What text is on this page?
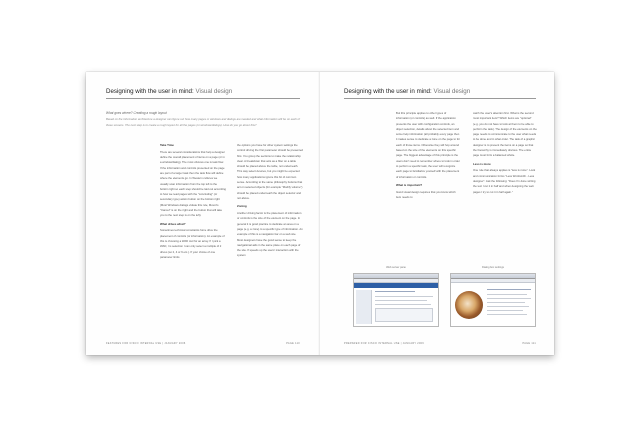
Designing with the user in mind: Visual design
What goes where? Creating a rough layout
Based on the information architecture a designer can figure out how many pages or windows and dialogs are needed and what information will be on each of these screens. The next step is to create a rough layout for all the pages (or windows/dialogs). How do you go about this?
Take Time

There are several considerations that help a designer define the overall placement of items on a page (or in a window/dialog). The most obvious one is task flow. If the information and controls presented on the page are part of a larger task then the task flow will define where the elements go. In Western cultures we usually scan information from the top left to the bottom right so each step should be laid out according to how we read pages with the "concluding" (or secondary type) action button on the bottom right (Most Windows dialogs violate this rule, Mount's "Cancel" is on the right and the button that will take you to the next step is on the left).

What drives what?

Sometimes technical constraints force drive the placement of controls (or information). An example of this is choosing a WAD tool for an array. If I pick a WAD, I is selection I can only select a multiple of 2 drives (so 2, 4 or 6 etc.). If your choice of one parameter limits

the options you have for other system settings the control driving the first parameter should be presented first. You group the sections to make the relationship clear. A breakdown that acts as a filter on a table should be placed above the table, not underneath. This way select devices, but you might be expected how many applications ignore this bit of common sense. According to the same philosophy buttons that act on selected objects (for example "Modify volume") should be placed underneath the object selector and not above.

Zoning

Another driving factor is the placement of information or controls is the size of the element on the page. In general it is good practice to dedicate an area on a page (e.g. a zone) to a specific type of information. An example of this is a navigation bar on a web site. Most designers have the good sense to keep the navigational aids in the same place on each page of the site. If speeds up the users' interaction with the system

FEATURES FOR CISCO INTERNAL USE | JANUARY 2006	PAGE 110
Designing with the user in mind: Visual design

But this principle applies to other types of information (or controls) as well. If the application presents the user with configuration controls, an object selection, details about the selected item and some help information (all probably every page then it makes sense to dedicate a zone on the page to for each of those items. Otherwise they will hop around based on the size of the elements on this specific page. The biggest advantage of this principle is the users don't need to remember where to look in order to perform a specific task, the user will recognize each page to familiarize yourself with the placement of information or controls.

What is important?

Good visual design requires that you know which item needs to

catch the user's attention first. What is the second most important item? Which items are "optional" (e.g. you do not have to look at them to be able to perform the task). The design of the elements on the page needs to communicate to the user what needs to be done and in what order. The task of a graphic designer is to present the items on a page so that the hierarchy is immediately obvious. The entire page must form a balanced whole.

Less is more

One rule that always applies is "less is more". Look and communication forms "Less Wordsmith - Less designer". Ask the following: "Does I'm done writing the text I cut it in half and when designing the web pages I try to cut it in half again."

Web server pane	Dialog box settings
PREPARED FOR CISCO INTERNAL USE | JANUARY 2006	PAGE 111
